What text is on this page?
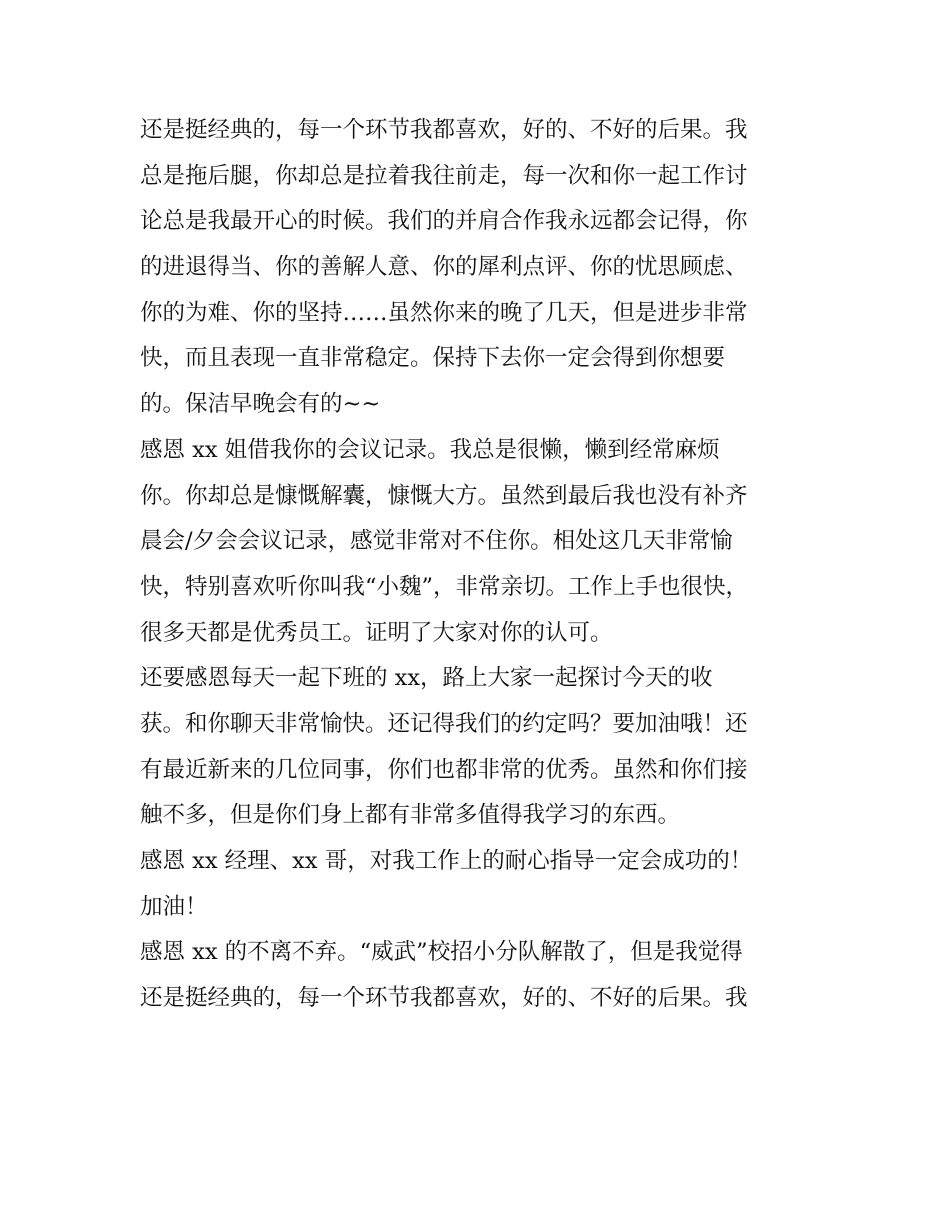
还是挺经典的，每一个环节我都喜欢，好的、不好的后果。我
总是拖后腿，你却总是拉着我往前走，每一次和你一起工作讨
论总是我最开心的时候。我们的并肩合作我永远都会记得，你
的进退得当、你的善解人意、你的犀利点评、你的忧思顾虑、
你的为难、你的坚持……虽然你来的晚了几天，但是进步非常
快，而且表现一直非常稳定。保持下去你一定会得到你想要
的。保洁早晚会有的~~
感恩 xx 姐借我你的会议记录。我总是很懒，懒到经常麻烦
你。你却总是慷慨解囊，慷慨大方。虽然到最后我也没有补齐
晨会/夕会会议记录，感觉非常对不住你。相处这几天非常愉
快，特别喜欢听你叫我“小魏”，非常亲切。工作上手也很快，
很多天都是优秀员工。证明了大家对你的认可。
还要感恩每天一起下班的 xx，路上大家一起探讨今天的收
获。和你聊天非常愉快。还记得我们的约定吗？要加油哦！还
有最近新来的几位同事，你们也都非常的优秀。虽然和你们接
触不多，但是你们身上都有非常多值得我学习的东西。
感恩 xx 经理、xx 哥，对我工作上的耐心指导一定会成功的！
加油！
感恩 xx 的不离不弃。“威武”校招小分队解散了，但是我觉得
还是挺经典的，每一个环节我都喜欢，好的、不好的后果。我
